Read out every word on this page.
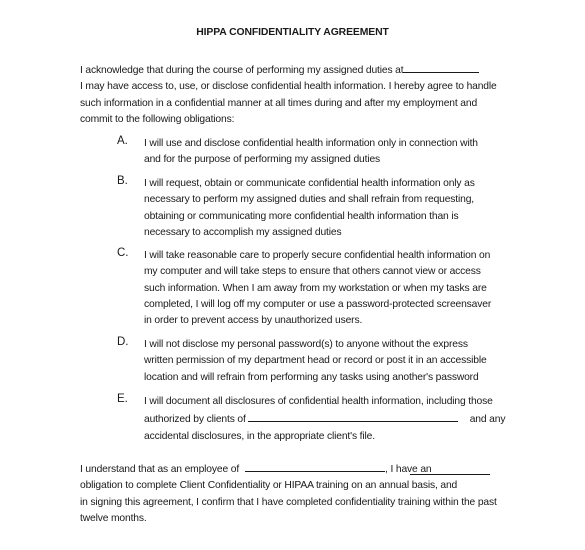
HIPPA CONFIDENTIALITY AGREEMENT
I acknowledge that during the course of performing my assigned duties at
I may have access to, use, or disclose confidential health information. I hereby agree to handle
such information in a confidential manner at all times during and after my employment and
commit to the following obligations:
A. I will use and disclose confidential health information only in connection with
and for the purpose of performing my assigned duties
B. I will request, obtain or communicate confidential health information only as
necessary to perform my assigned duties and shall refrain from requesting,
obtaining or communicating more confidential health information than is
necessary to accomplish my assigned duties
C. I will take reasonable care to properly secure confidential health information on
my computer and will take steps to ensure that others cannot view or access
such information. When I am away from my workstation or when my tasks are
completed, I will log off my computer or use a password-protected screensaver
in order to prevent access by unauthorized users.
D. I will not disclose my personal password(s) to anyone without the express
written permission of my department head or record or post it in an accessible
location and will refrain from performing any tasks using another's password
E. I will document all disclosures of confidential health information, including those
authorized by clients of	and any
accidental disclosures, in the appropriate client's file.
I understand that as an employee of	, I have an
obligation to complete Client Confidentiality or HIPAA training on an annual basis, and
in signing this agreement, I confirm that I have completed confidentiality training within the past
twelve months.
